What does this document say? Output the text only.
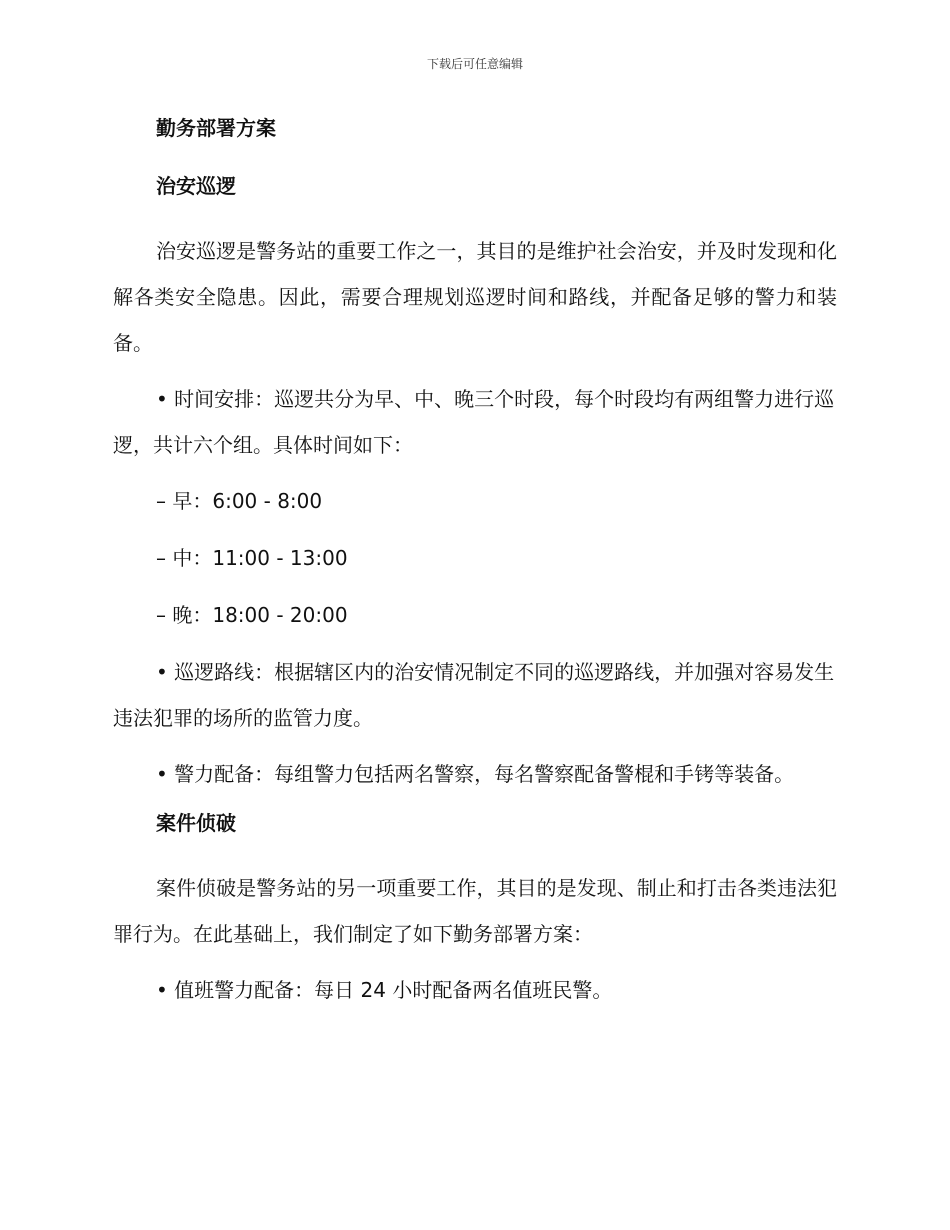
下载后可任意编辑
勤务部署方案
治安巡逻

治安巡逻是警务站的重要工作之一，其目的是维护社会治安，并及时发现和化解各类安全隐患。因此，需要合理规划巡逻时间和路线，并配备足够的警力和装备。

• 时间安排：巡逻共分为早、中、晚三个时段，每个时段均有两组警力进行巡逻，共计六个组。具体时间如下：

– 早：6:00 - 8:00
– 中：11:00 - 13:00
– 晚：18:00 - 20:00

• 巡逻路线：根据辖区内的治安情况制定不同的巡逻路线，并加强对容易发生违法犯罪的场所的监管力度。

• 警力配备：每组警力包括两名警察，每名警察配备警棍和手铐等装备。

案件侦破

案件侦破是警务站的另一项重要工作，其目的是发现、制止和打击各类违法犯罪行为。在此基础上，我们制定了如下勤务部署方案：

• 值班警力配备：每日 24 小时配备两名值班民警。
